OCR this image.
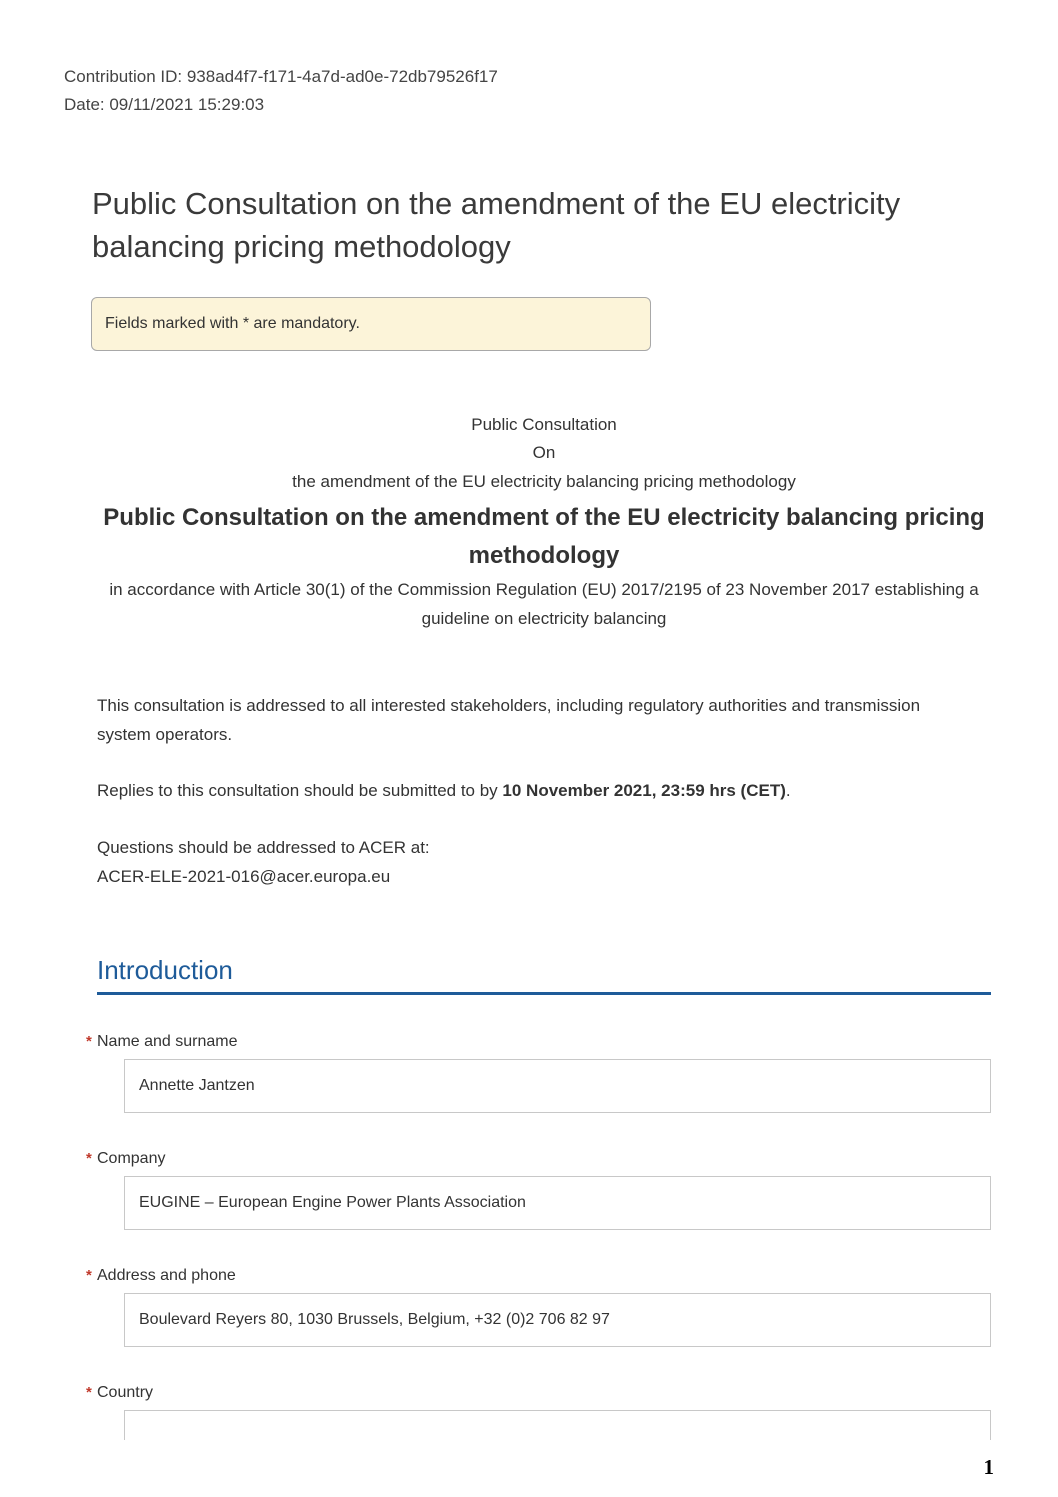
Contribution ID: 938ad4f7-f171-4a7d-ad0e-72db79526f17
Date: 09/11/2021 15:29:03
Public Consultation on the amendment of the EU electricity balancing pricing methodology
Fields marked with * are mandatory.
Public Consultation
On
the amendment of the EU electricity balancing pricing methodology
Public Consultation on the amendment of the EU electricity balancing pricing methodology
in accordance with Article 30(1) of the Commission Regulation (EU) 2017/2195 of 23 November 2017 establishing a guideline on electricity balancing

This consultation is addressed to all interested stakeholders, including regulatory authorities and transmission system operators.

Replies to this consultation should be submitted to by 10 November 2021, 23:59 hrs (CET).

Questions should be addressed to ACER at:
ACER-ELE-2021-016@acer.europa.eu

Introduction
* Name and surname
Annette Jantzen
* Company
EUGINE – European Engine Power Plants Association
* Address and phone
Boulevard Reyers 80, 1030 Brussels, Belgium, +32 (0)2 706 82 97
* Country
1
